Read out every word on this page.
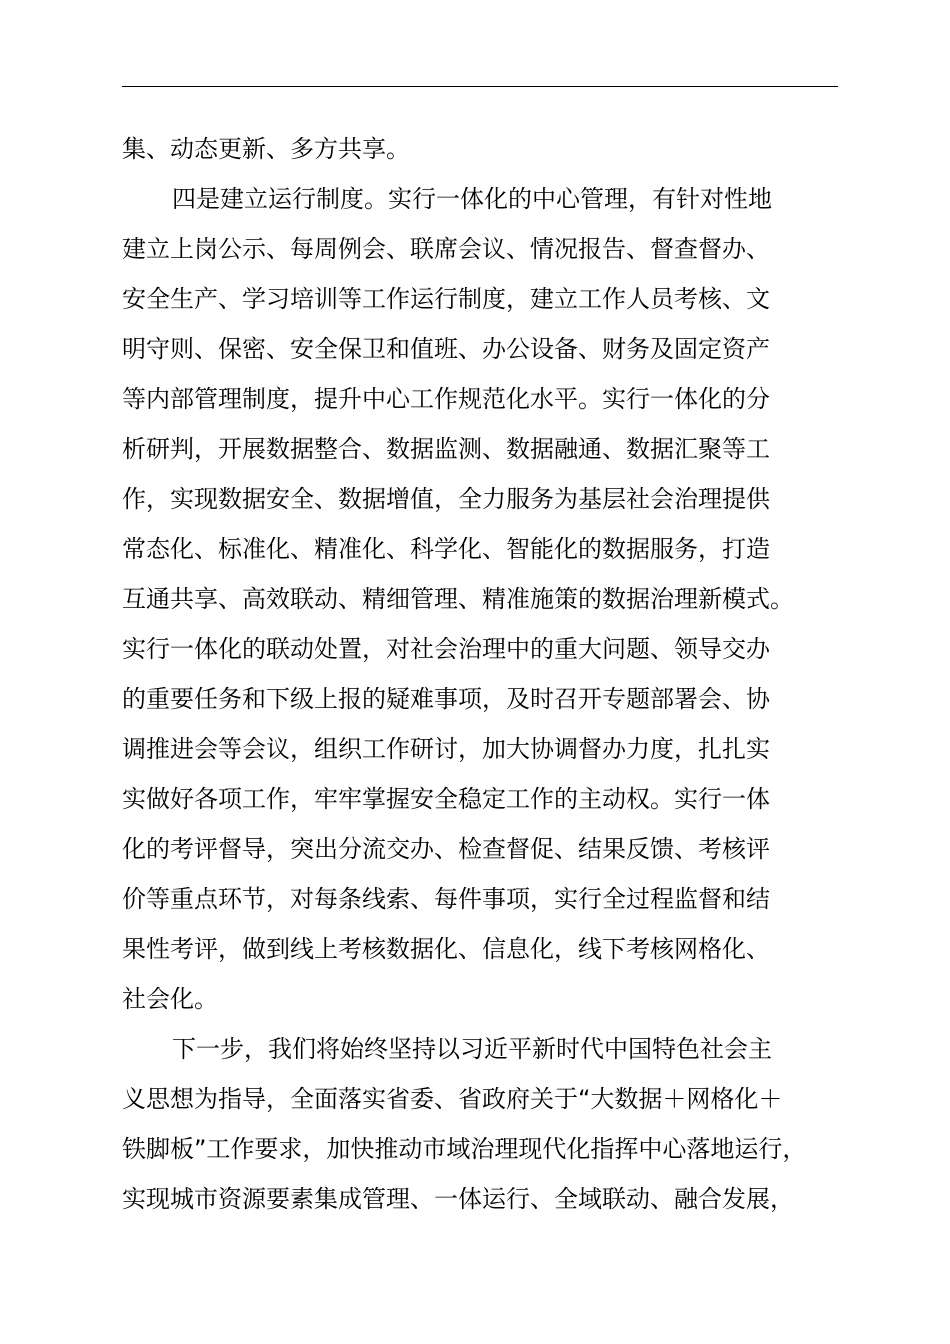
集、动态更新、多方共享。
四是建立运行制度。实行一体化的中心管理，有针对性地
建立上岗公示、每周例会、联席会议、情况报告、督查督办、
安全生产、学习培训等工作运行制度，建立工作人员考核、文
明守则、保密、安全保卫和值班、办公设备、财务及固定资产
等内部管理制度，提升中心工作规范化水平。实行一体化的分
析研判，开展数据整合、数据监测、数据融通、数据汇聚等工
作，实现数据安全、数据增值，全力服务为基层社会治理提供
常态化、标准化、精准化、科学化、智能化的数据服务，打造
互通共享、高效联动、精细管理、精准施策的数据治理新模式。
实行一体化的联动处置，对社会治理中的重大问题、领导交办
的重要任务和下级上报的疑难事项，及时召开专题部署会、协
调推进会等会议，组织工作研讨，加大协调督办力度，扎扎实
实做好各项工作，牢牢掌握安全稳定工作的主动权。实行一体
化的考评督导，突出分流交办、检查督促、结果反馈、考核评
价等重点环节，对每条线索、每件事项，实行全过程监督和结
果性考评，做到线上考核数据化、信息化，线下考核网格化、
社会化。
下一步，我们将始终坚持以习近平新时代中国特色社会主
义思想为指导，全面落实省委、省政府关于“大数据＋网格化＋
铁脚板”工作要求，加快推动市域治理现代化指挥中心落地运行，
实现城市资源要素集成管理、一体运行、全域联动、融合发展，
